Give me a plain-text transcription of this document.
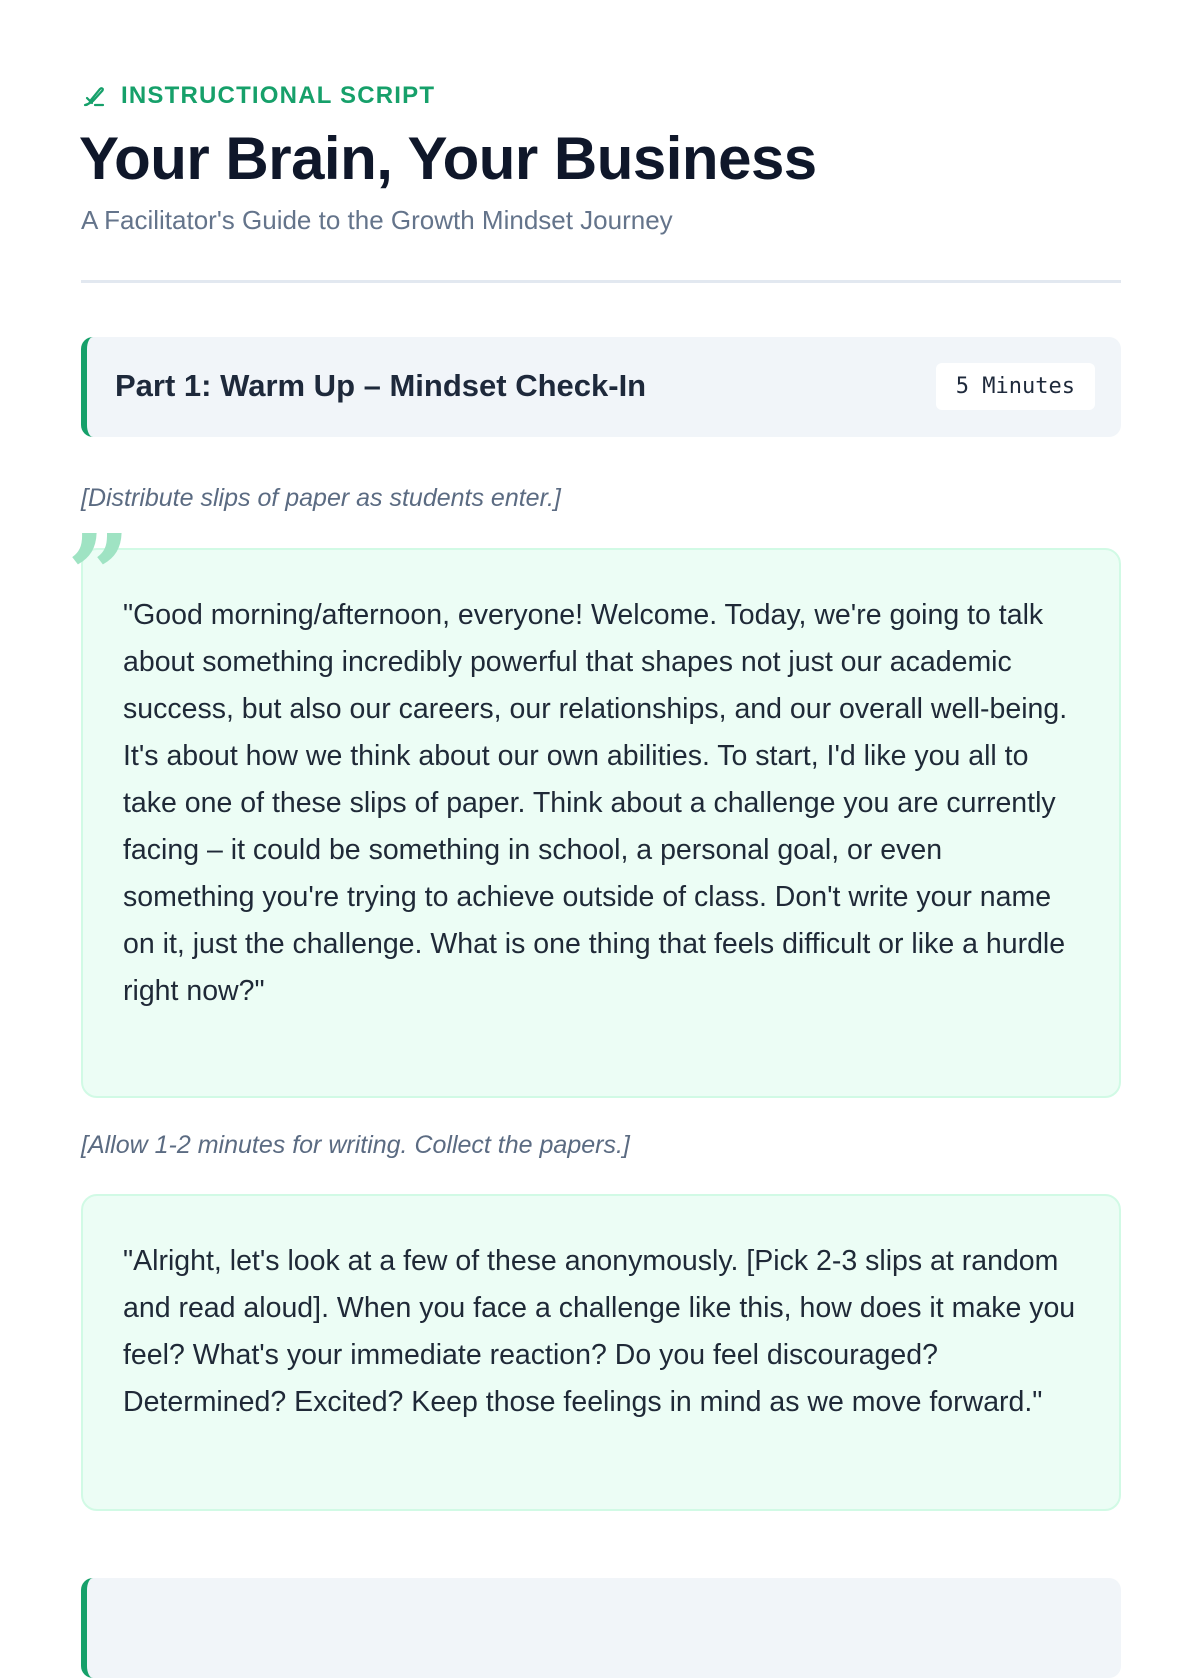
INSTRUCTIONAL SCRIPT
Your Brain, Your Business
A Facilitator's Guide to the Growth Mindset Journey
Part 1: Warm Up – Mindset Check-In	5 Minutes
[Distribute slips of paper as students enter.]
"Good morning/afternoon, everyone! Welcome. Today, we're going to talk about something incredibly powerful that shapes not just our academic success, but also our careers, our relationships, and our overall well-being. It's about how we think about our own abilities. To start, I'd like you all to take one of these slips of paper. Think about a challenge you are currently facing – it could be something in school, a personal goal, or even something you're trying to achieve outside of class. Don't write your name on it, just the challenge. What is one thing that feels difficult or like a hurdle right now?"
”
[Allow 1-2 minutes for writing. Collect the papers.]
"Alright, let's look at a few of these anonymously. [Pick 2-3 slips at random and read aloud]. When you face a challenge like this, how does it make you feel? What's your immediate reaction? Do you feel discouraged? Determined? Excited? Keep those feelings in mind as we move forward."
